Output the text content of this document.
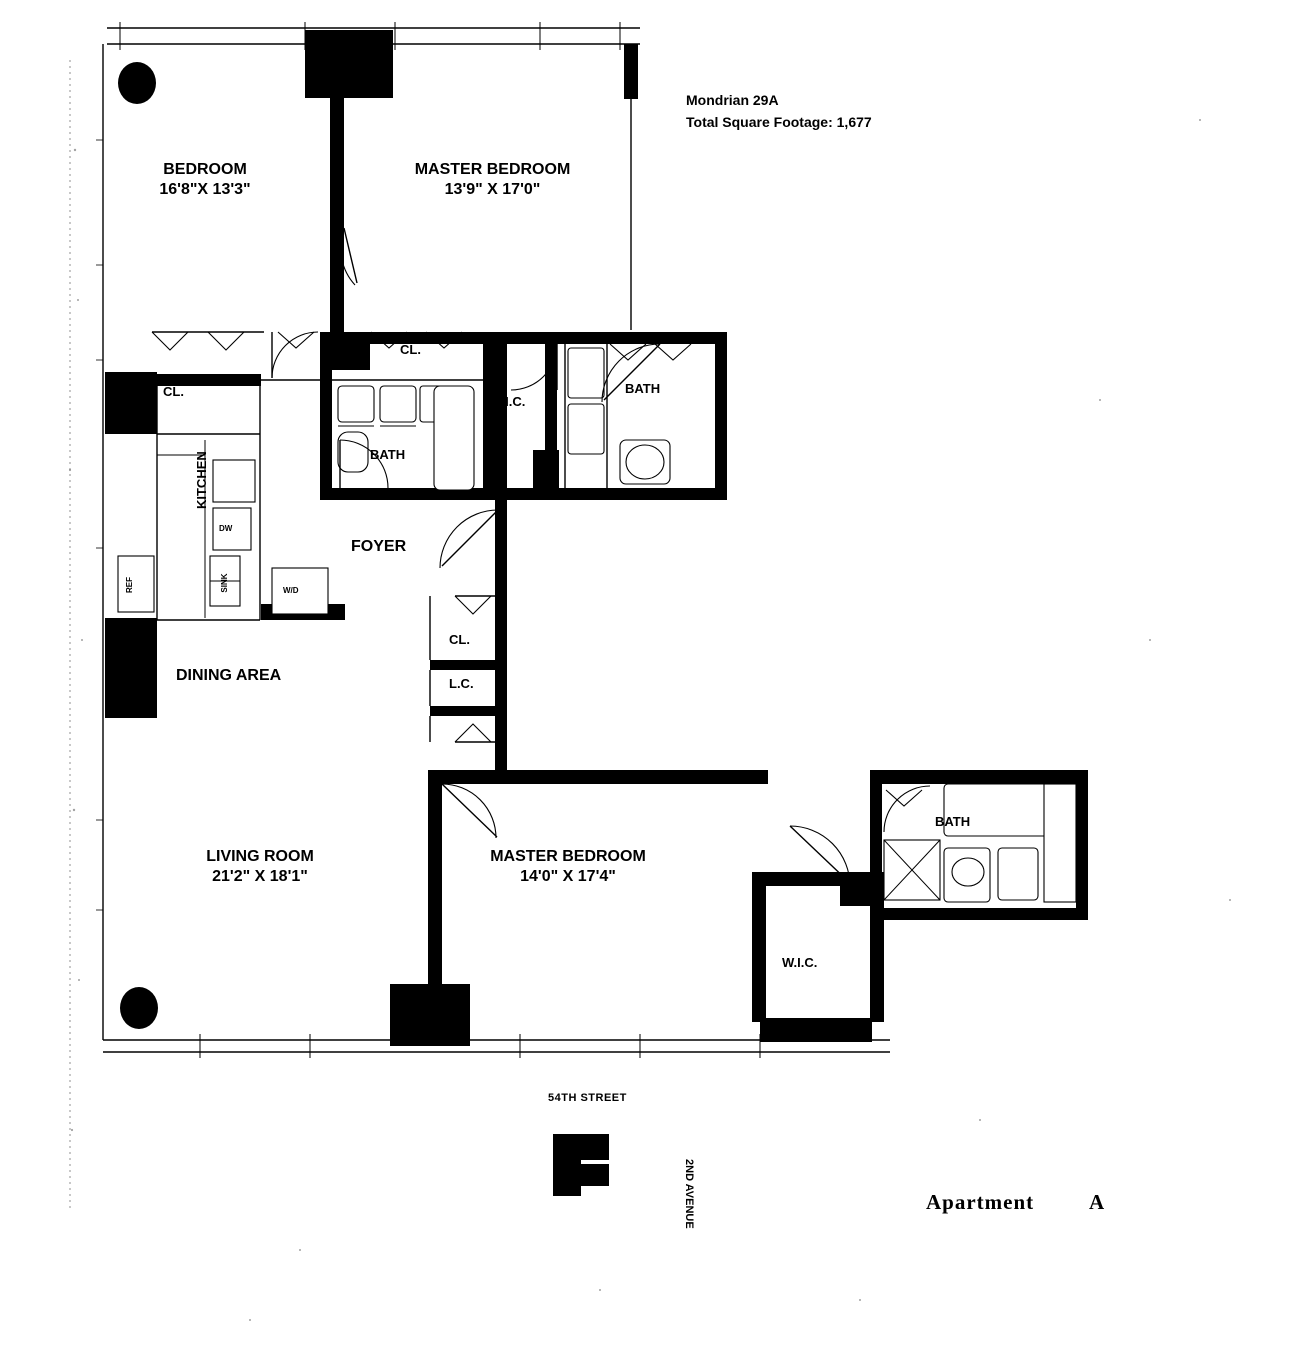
Mondrian 29A
Total Square Footage: 1,677
BEDROOM
16'8"X 13'3"
MASTER BEDROOM
13'9" X 17'0"
LIVING ROOM
21'2" X 18'1"
MASTER BEDROOM
14'0" X 17'4"
DINING AREA
FOYER
KITCHEN
CL.
CL.
BATH
W.I.C.
BATH
CL.
L.C.
W.I.C.
BATH
W/D
DW
SINK
REF
54TH STREET
2ND AVENUE	Apartment	A
